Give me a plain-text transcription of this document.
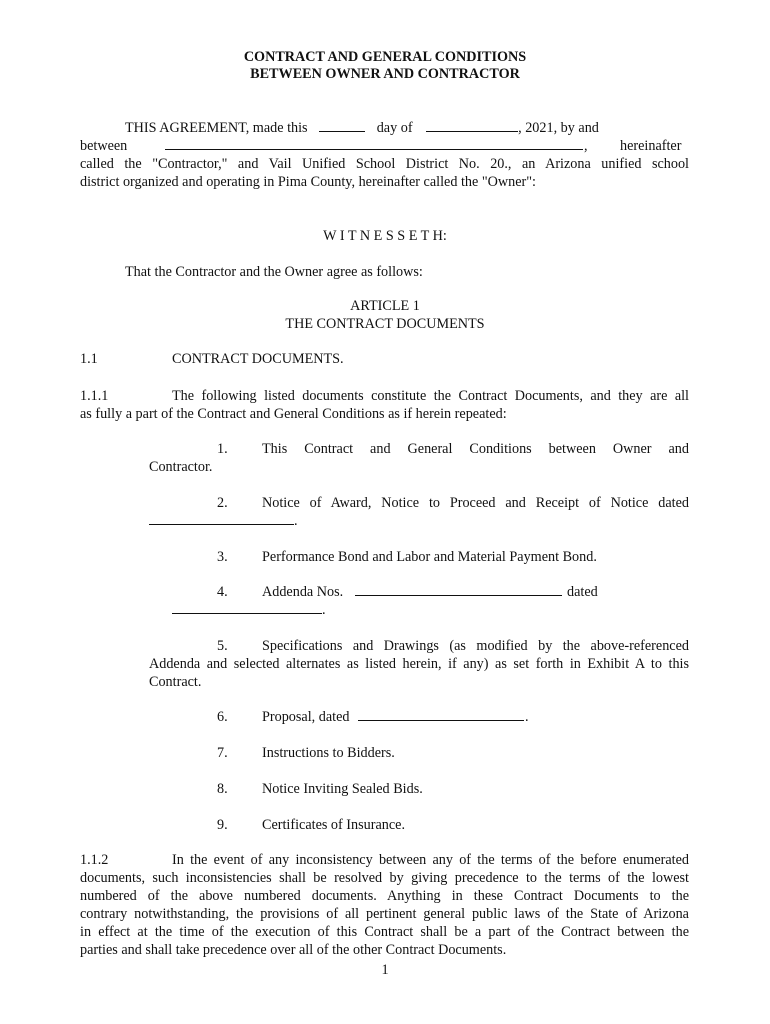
CONTRACT AND GENERAL CONDITIONS
BETWEEN OWNER AND CONTRACTOR
THIS AGREEMENT, made this	day of	, 2021, by and
between	, hereinafter
called the "Contractor," and Vail Unified School District No. 20., an Arizona unified school
district organized and operating in Pima County, hereinafter called the "Owner":
W I T N E S S E T H:
That the Contractor and the Owner agree as follows:
ARTICLE 1
THE CONTRACT DOCUMENTS
1.1	CONTRACT DOCUMENTS.
1.1.1	The following listed documents constitute the Contract Documents, and they are all
as fully a part of the Contract and General Conditions as if herein repeated:
1. This Contract and General Conditions between Owner and
Contractor.
2. Notice of Award, Notice to Proceed and Receipt of Notice dated
.
3. Performance Bond and Labor and Material Payment Bond.
4. Addenda Nos.	dated
.
5. Specifications and Drawings (as modified by the above-referenced
Addenda and selected alternates as listed herein, if any) as set forth in Exhibit A to this
Contract.
6. Proposal, dated	.
7. Instructions to Bidders.
8. Notice Inviting Sealed Bids.
9. Certificates of Insurance.
1.1.2	In the event of any inconsistency between any of the terms of the before enumerated
documents, such inconsistencies shall be resolved by giving precedence to the terms of the lowest
numbered of the above numbered documents. Anything in these Contract Documents to the
contrary notwithstanding, the provisions of all pertinent general public laws of the State of Arizona
in effect at the time of the execution of this Contract shall be a part of the Contract between the
parties and shall take precedence over all of the other Contract Documents.
1
